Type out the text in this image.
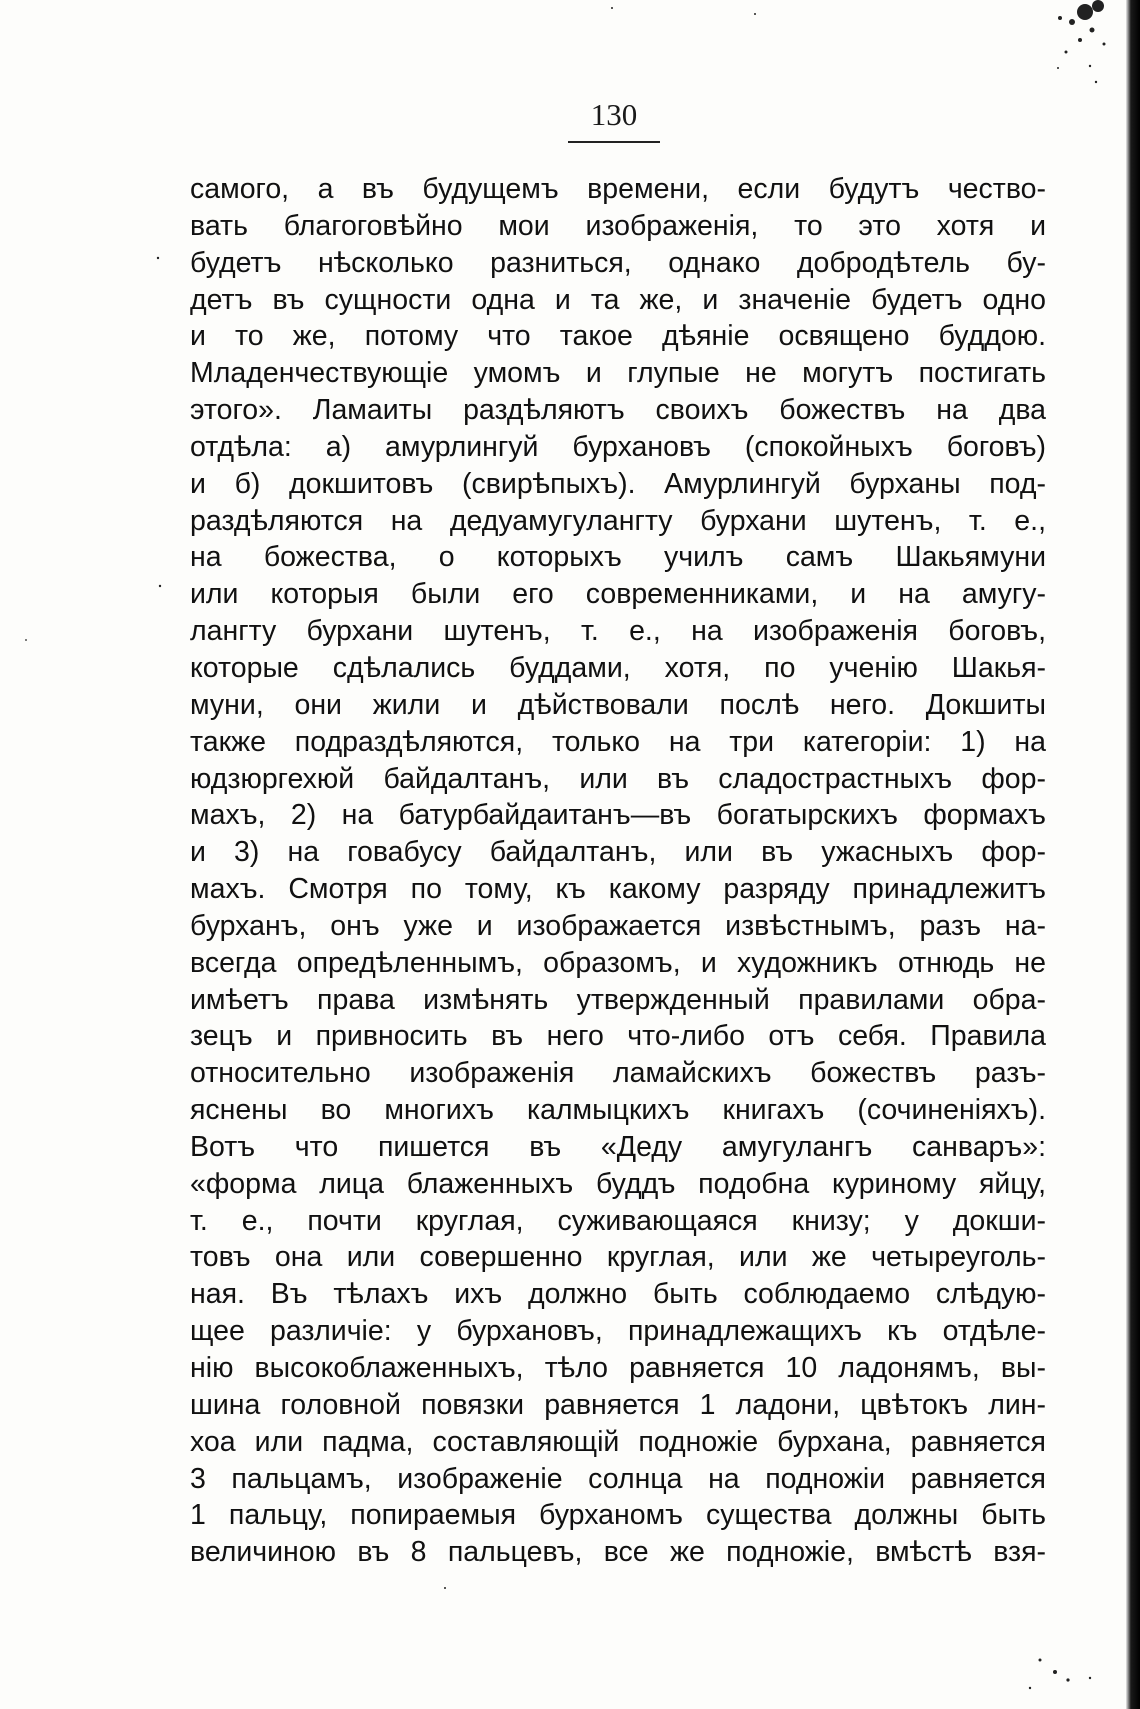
130
самого, а въ будущемъ времени, если будутъ чество-
вать благоговѣйно мои изображенія, то это хотя и
будетъ нѣсколько разниться, однако добродѣтель бу-
детъ въ сущности одна и та же, и значеніе будетъ одно
и то же, потому что такое дѣяніе освящено буддою.
Младенчествующіе умомъ и глупые не могутъ постигать
этого». Ламаиты раздѣляютъ своихъ божествъ на два
отдѣла: а) амурлингуй бурхановъ (спокойныхъ боговъ)
и б) докшитовъ (свирѣпыхъ). Амурлингуй бурханы под-
раздѣляются на дедуамугулангту бурхани шутенъ, т. е.,
на божества, о которыхъ училъ самъ Шакьямуни
или которыя были его современниками, и на амугу-
лангту бурхани шутенъ, т. е., на изображенія боговъ,
которые сдѣлались буддами, хотя, по ученію Шакья-
муни, они жили и дѣйствовали послѣ него. Докшиты
также подраздѣляются, только на три категоріи: 1) на
юдзюргехюй байдалтанъ, или въ сладострастныхъ фор-
махъ, 2) на батурбайдаитанъ—въ богатырскихъ формахъ
и 3) на говабусу байдалтанъ, или въ ужасныхъ фор-
махъ. Смотря по тому, къ какому разряду принадлежитъ
бурханъ, онъ уже и изображается извѣстнымъ, разъ на-
всегда опредѣленнымъ, образомъ, и художникъ отнюдь не
имѣетъ права измѣнять утвержденный правилами обра-
зецъ и привносить въ него что-либо отъ себя. Правила
относительно изображенія ламайскихъ божествъ разъ-
яснены во многихъ калмыцкихъ книгахъ (сочиненіяхъ).
Вотъ что пишется въ «Деду амугулангъ санваръ»:
«форма лица блаженныхъ буддъ подобна куриному яйцу,
т. е., почти круглая, суживающаяся книзу; у докши-
товъ она или совершенно круглая, или же четыреуголь-
ная. Въ тѣлахъ ихъ должно быть соблюдаемо слѣдую-
щее различіе: у бурхановъ, принадлежащихъ къ отдѣле-
нію высокоблаженныхъ, тѣло равняется 10 ладонямъ, вы-
шина головной повязки равняется 1 ладони, цвѣтокъ лин-
хоа или падма, составляющій подножіе бурхана, равняется
3 пальцамъ, изображеніе солнца на подножіи равняется
1 пальцу, попираемыя бурханомъ существа должны быть
величиною въ 8 пальцевъ, все же подножіе, вмѣстѣ взя-
